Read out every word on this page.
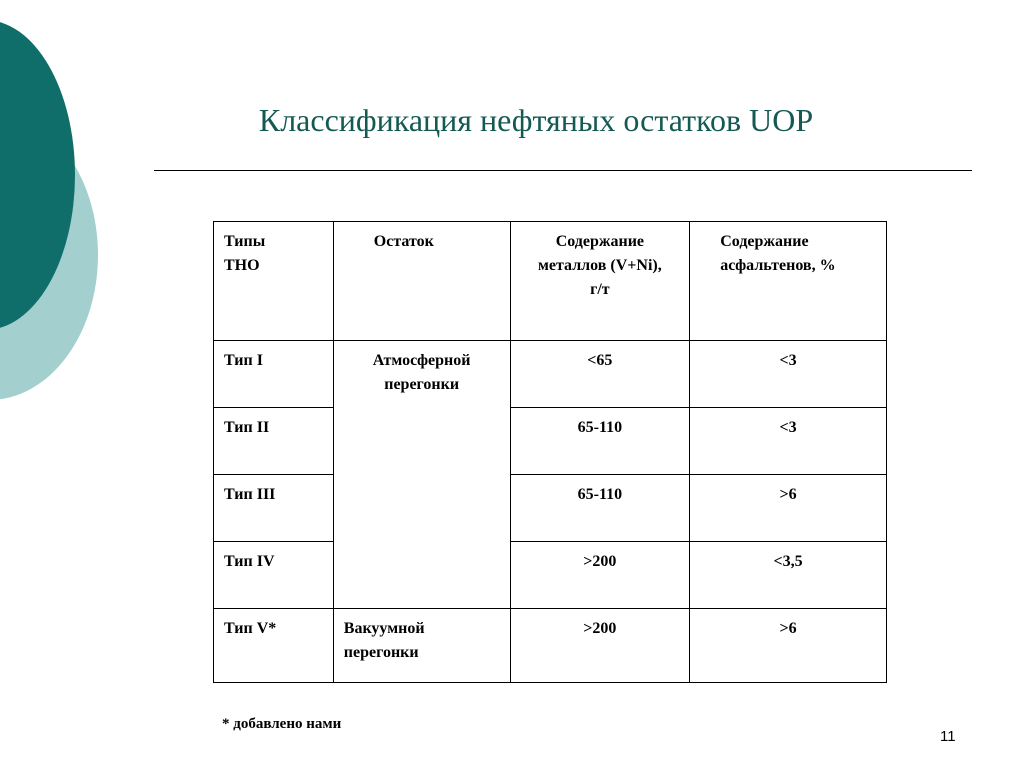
Классификация нефтяных остатков UOP
Типы
ТНО	Остаток	Содержание
металлов (V+Ni),
г/т	Содержание
асфальтенов, %
Тип I	Атмосферной
перегонки	<65	<3
Тип II		65-110	<3
Тип III		65-110	>6
Тип IV		>200	<3,5
Тип V*	Вакуумной
перегонки	>200	>6
* добавлено нами
11
